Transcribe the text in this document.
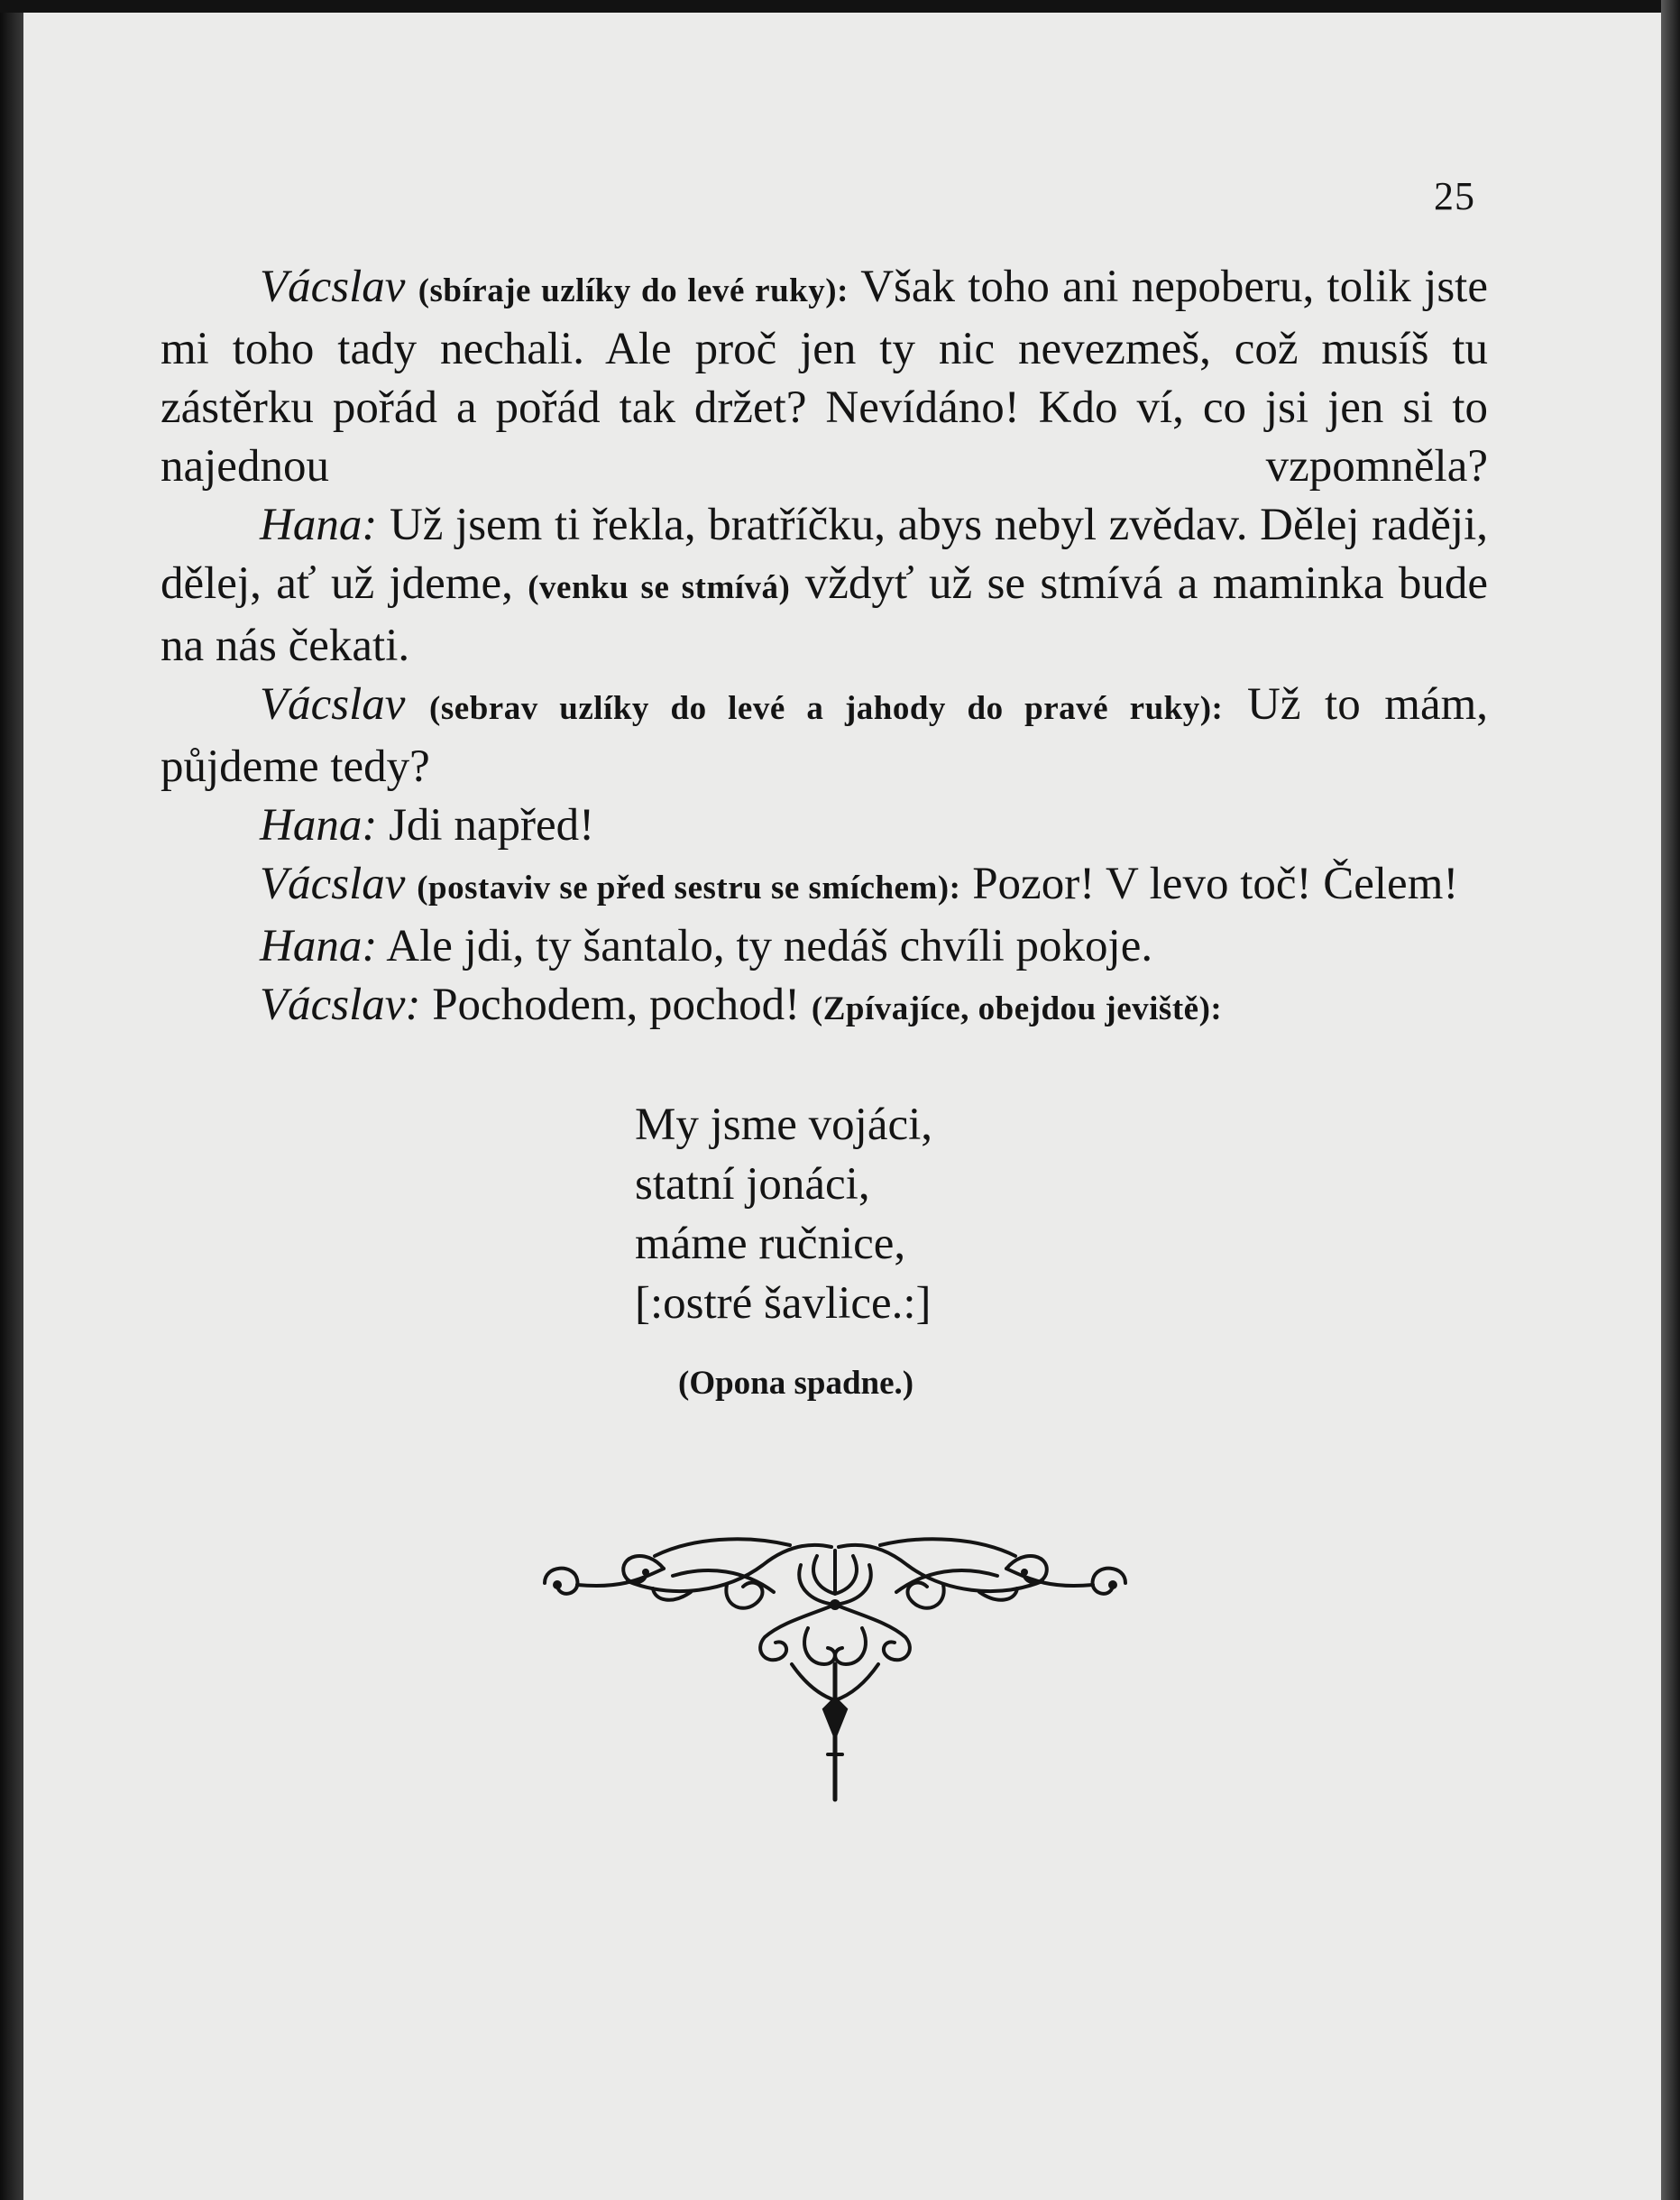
25

Vácslav (sbíraje uzlíky do levé ruky): Však toho ani nepoberu, tolik jste mi toho tady nechali. Ale proč jen ty nic nevezmeš, což musíš tu zástěrku pořád a pořád tak držet? Nevídáno! Kdo ví, co jsi jen si to najednou vzpomněla?

Hana: Už jsem ti řekla, bratříčku, abys nebyl zvědav. Dělej raději, dělej, ať už jdeme, (venku se stmívá) vždyť už se stmívá a maminka bude na nás čekati.

Vácslav (sebrav uzlíky do levé a jahody do pravé ruky): Už to mám, půjdeme tedy?

Hana: Jdi napřed!

Vácslav (postaviv se před sestru se smíchem): Pozor! V levo toč! Čelem!

Hana: Ale jdi, ty šantalo, ty nedáš chvíli pokoje.

Vácslav: Pochodem, pochod! (Zpívajíce, obejdou jeviště):

My jsme vojáci,
statní jonáci,
máme ručnice,
[:ostré šavlice.:]
(Opona spadne.)
